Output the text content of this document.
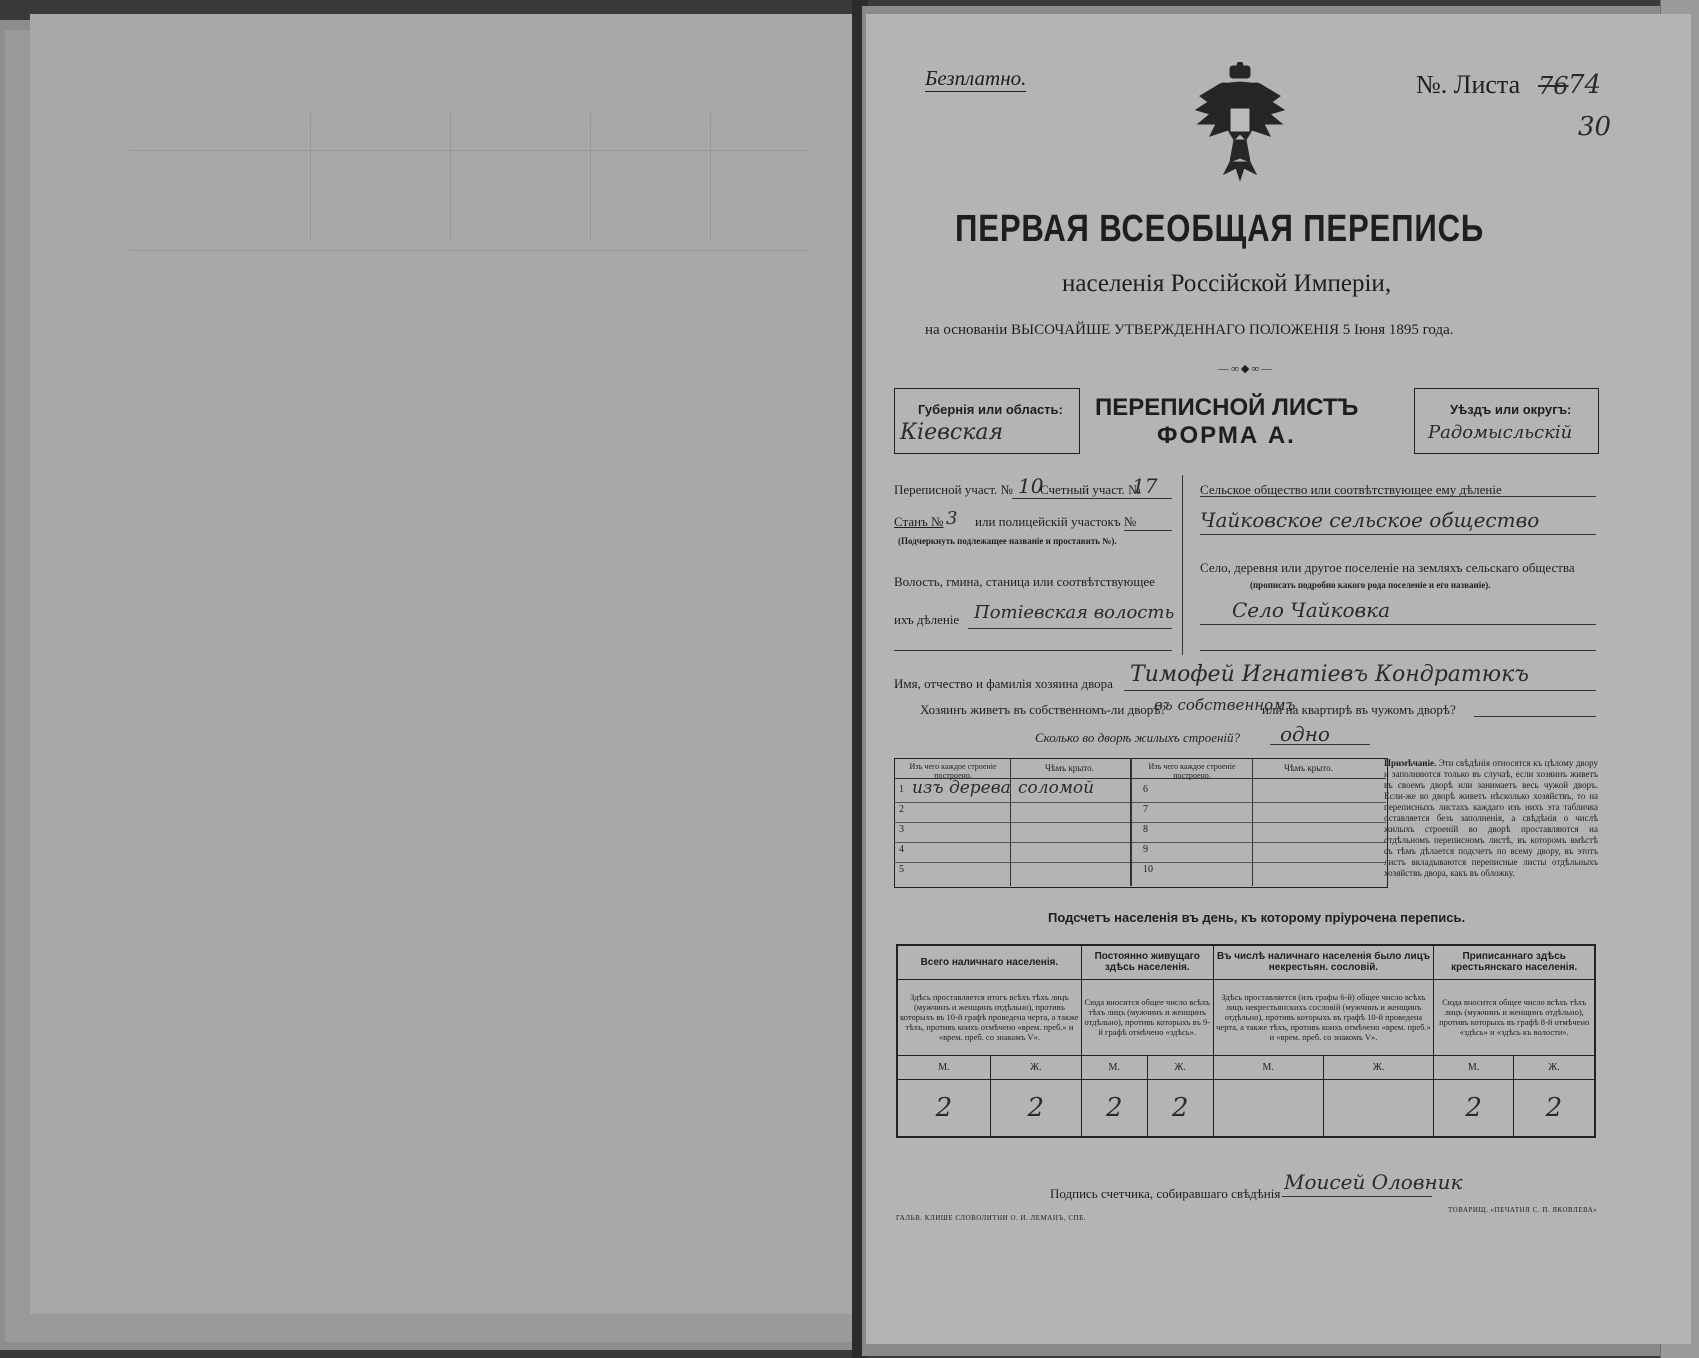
Безплатно.	№. Листа 76 74
30
ПЕРВАЯ ВСЕОБЩАЯ ПЕРЕПИСЬ
населенія Россійской Имперіи,
на основаніи ВЫСОЧАЙШЕ УТВЕРЖДЕННАГО ПОЛОЖЕНІЯ 5 Іюня 1895 года.
—∞◆∞—
Губернія или область:
Кіевская
ПЕРЕПИСНОЙ ЛИСТЪ
ФОРМА А.
Уѣздъ или округъ:
Радомысльскій
Переписной участ. № 10
Счетный участ. №
17
Станъ № 3 или полицейскій участокъ №
(Подчеркнуть подлежащее названіе и проставить №).
Волость, гмина, станица или соотвѣтствующее
ихъ дѣленіе Потіевская волость
Сельское общество или соотвѣтствующее ему дѣленіе
Чайковское сельское общество
Село, деревня или другое поселеніе на земляхъ сельскаго общества
(прописать подробно какого рода поселеніе и его названіе).
Село Чайковка
Имя, отчество и фамилія хозяина двора Тимофей Игнатіевъ Кондратюкъ
Хозяинъ живетъ въ собственномъ-ли дворѣ?
въ собственномъ
или на квартирѣ въ чужомъ дворѣ?
Сколько во дворѣ жилыхъ строеній? одно
Изъ чего каждое строеніе построено.
Чѣмъ крыто.	Изъ чего каждое строеніе построено.
Чѣмъ крыто.
1 изъ дерева соломой
2
3
4
5
6
7
8
9
10
Примѣчаніе. Эти свѣдѣнія относятся къ цѣлому двору и заполняются только въ случаѣ, если хозяинъ живетъ въ своемъ дворѣ или занимаетъ весь чужой дворъ. Если-же во дворѣ живетъ нѣсколько хозяйствъ, то на переписныхъ листахъ каждаго изъ нихъ эта табличка оставляется безъ заполненія, а свѣдѣнія о числѣ жилыхъ строеній во дворѣ проставляются на отдѣльномъ переписномъ листѣ, въ которомъ вмѣстѣ съ тѣмъ дѣлается подсчетъ по всему двору, въ этотъ листъ вкладываются переписные листы отдѣльныхъ хозяйствъ двора, какъ въ обложку.
Подсчетъ населенія въ день, къ которому пріурочена перепись.
Всего наличнаго населенія.		Постоянно живущаго здѣсь населенія.		Въ числѣ наличнаго населенія было лицъ некрестьян. сословій.		Приписаннаго здѣсь крестьянскаго населенія.	
Здѣсь проставляется итогъ всѣхъ тѣхъ лицъ (мужчинъ и женщинъ отдѣльно), противъ которыхъ въ 10-й графѣ проведена черта, а также тѣхъ, противъ коихъ отмѣчено «врем. преб.» и «врем. преб. со знакомъ V».		Сюда вносится общее число всѣхъ тѣхъ лицъ (мужчинъ и женщинъ отдѣльно), противъ которыхъ въ 9-й графѣ отмѣчено «здѣсь».		Здѣсь проставляется (изъ графы 6-й) общее число всѣхъ лицъ некрестьянскихъ сословій (мужчинъ и женщинъ отдѣльно), противъ которыхъ въ графѣ 10-й проведена черта, а также тѣхъ, противъ коихъ отмѣчено «врем. преб.» и «врем. преб. со знакомъ V».		Сюда вносится общее число всѣхъ тѣхъ лицъ (мужчинъ и женщинъ отдѣльно), противъ которыхъ въ графѣ 8-й отмѣчено «здѣсь» и «здѣсь къ волости».	
М.	Ж.	М.	Ж.	М.	Ж.	М.	Ж.
2	2	2	2			2	2
Подпись счетчика, собиравшаго свѣдѣнія Моисей Оловник
ГАЛЬВ. КЛИШЕ СЛОВОЛИТНИ О. И. ЛЕМАНЪ, СПБ.
ТОВАРИЩ. «ПЕЧАТНЯ С. П. ЯКОВЛЕВА»
